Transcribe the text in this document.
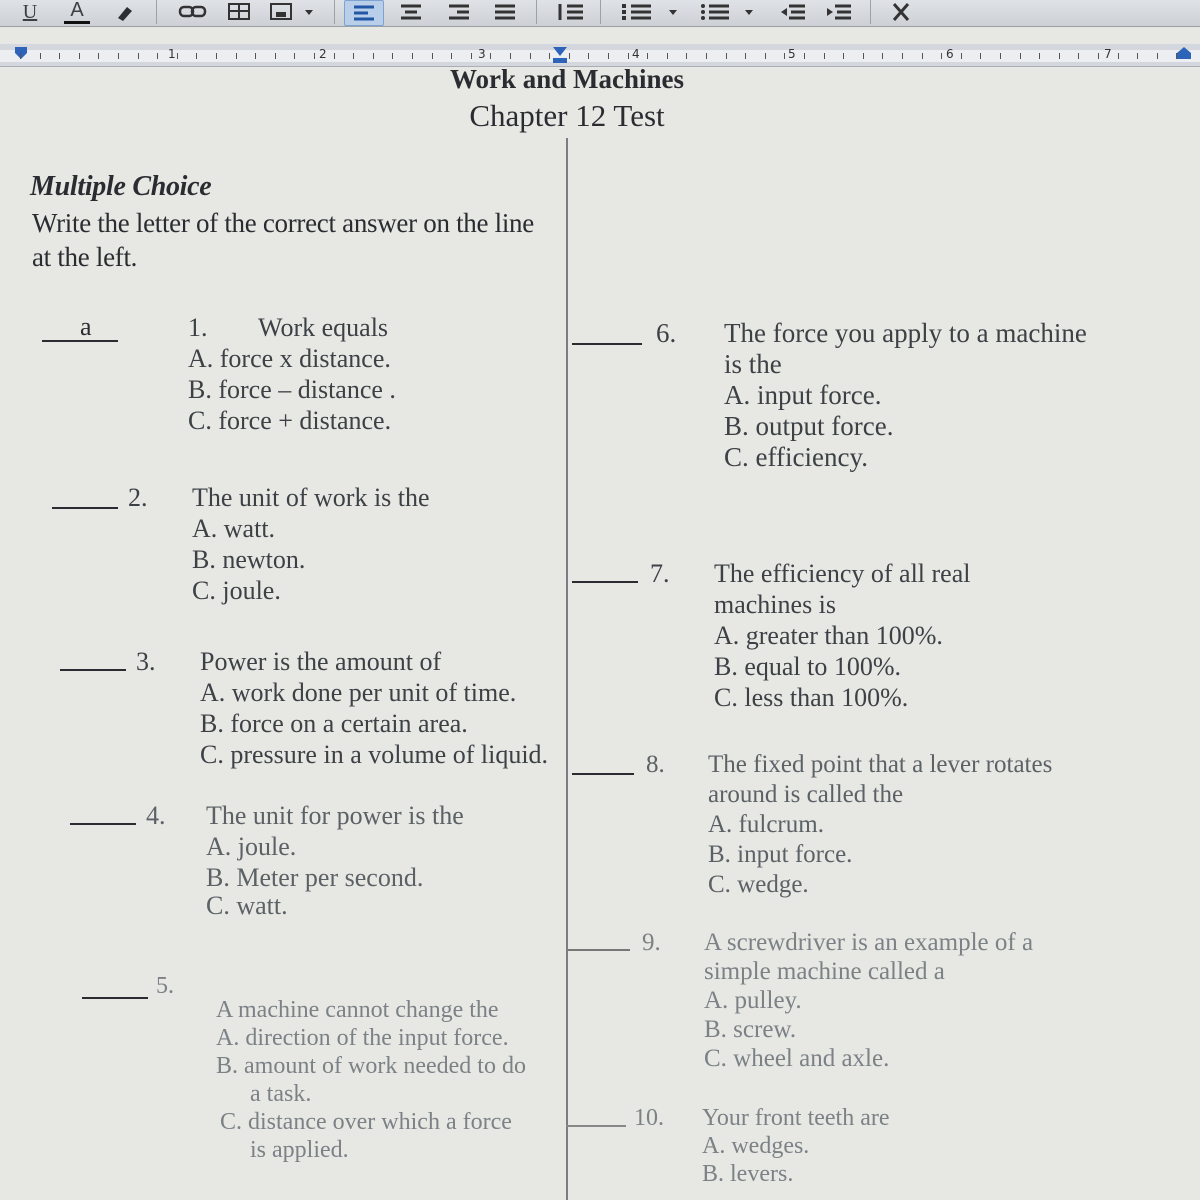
U	A
1	2	3	4	5	6	7
Work and Machines
Chapter 12 Test
Multiple Choice
Write the letter of the correct answer on the line
at the left.
a	1. Work equals
A. force x distance.
B. force – distance .
C. force + distance.
2. The unit of work is the
A. watt.
B. newton.
C. joule.
3. Power is the amount of
A. work done per unit of time.
B. force on a certain area.
C. pressure in a volume of liquid.
4. The unit for power is the
A. joule.
B. Meter per second.
C. watt.
5.
A machine cannot change the
A. direction of the input force.
B. amount of work needed to do
a task.
C. distance over which a force
is applied.
6. The force you apply to a machine
is the
A. input force.
B. output force.
C. efficiency.
7. The efficiency of all real
machines is
A. greater than 100%.
B. equal to 100%.
C. less than 100%.
8. The fixed point that a lever rotates
around is called the
A. fulcrum.
B. input force.
C. wedge.
9. A screwdriver is an example of a
simple machine called a
A. pulley.
B. screw.
C. wheel and axle.
10. Your front teeth are
A. wedges.
B. levers.
